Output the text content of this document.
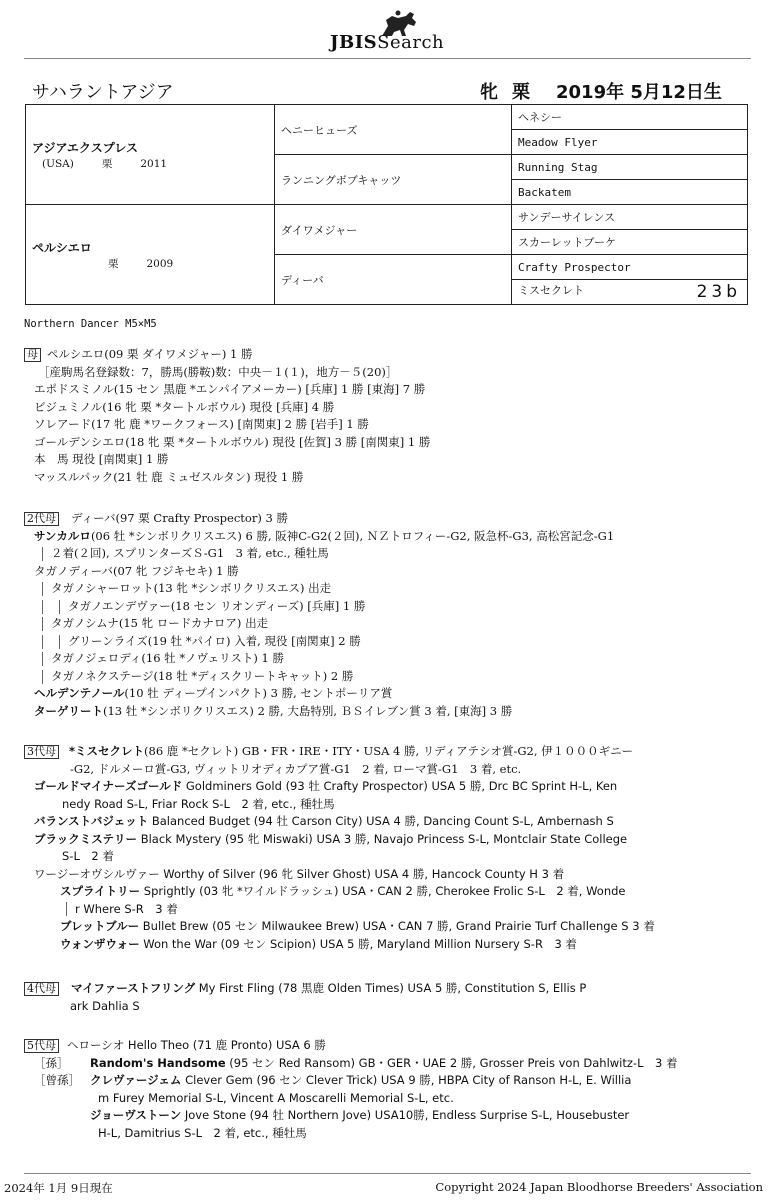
JBISSearch
サハラントアジア	牝 栗 2019年 5月12日生
アジアエクスプレス
(USA) 栗 2011	ヘニーヒューズ	ヘネシー
		Meadow Flyer
	ランニングボブキャッツ	Running Stag
		Backatem

ペルシエロ
栗 2009	ダイワメジャー	サンデーサイレンス
		スカーレットブーケ
	ディーバ	Crafty Prospector
		ミスセクレト 23b
Northern Dancer M5×M5
母 ペルシエロ(09 栗 ダイワメジャー) 1 勝
［産駒馬名登録数：7，勝馬(勝鞍)数：中央－１(１)，地方－５(20)］
エポドスミノル(15 セン 黒鹿 *エンパイアメーカー) [兵庫] 1 勝 [東海] 7 勝
ビジュミノル(16 牝 栗 *タートルボウル) 現役 [兵庫] 4 勝
ソレアード(17 牝 鹿 *ワークフォース) [南関東] 2 勝 [岩手] 1 勝
ゴールデンシエロ(18 牝 栗 *タートルボウル) 現役 [佐賀] 3 勝 [南関東] 1 勝
本　馬 現役 [南関東] 1 勝
マッスルパック(21 牡 鹿 ミュゼスルタン) 現役 1 勝
2代母 ディーバ(97 栗 Crafty Prospector) 3 勝
サンカルロ(06 牡 *シンボリクリスエス) 6 勝, 阪神C-G2(２回), ＮＺトロフィー-G2, 阪急杯-G3, 高松宮記念-G1
２着(２回), スプリンターズＳ-G1　3 着, etc., 種牡馬
タガノディーバ(07 牝 フジキセキ) 1 勝
タガノシャーロット(13 牝 *シンボリクリスエス) 出走
タガノエンデヴァー(18 セン リオンディーズ) [兵庫] 1 勝
タガノシムナ(15 牝 ロードカナロア) 出走
グリーンライズ(19 牡 *パイロ) 入着, 現役 [南関東] 2 勝
タガノジェロディ(16 牡 *ノヴェリスト) 1 勝
タガノネクステージ(18 牡 *ディスクリートキャット) 2 勝
ヘルデンテノール(10 牡 ディープインパクト) 3 勝, セントポーリア賞
ターゲリート(13 牡 *シンボリクリスエス) 2 勝, 大島特別, ＢＳイレブン賞 3 着, [東海] 3 勝
3代母 *ミスセクレト(86 鹿 *セクレト) GB・FR・IRE・ITY・USA 4 勝, リディアテシオ賞-G2, 伊１０００ギニー
-G2, ドルメーロ賞-G3, ヴィットリオディカプア賞-G1　2 着, ローマ賞-G1　3 着, etc.
ゴールドマイナーズゴールド Goldminers Gold (93 牡 Crafty Prospector) USA 5 勝, Drc BC Sprint H-L, Ken
nedy Road S-L, Friar Rock S-L　2 着, etc., 種牡馬
バランストバジェット Balanced Budget (94 牡 Carson City) USA 4 勝, Dancing Count S-L, Ambernash S
ブラックミステリー Black Mystery (95 牝 Miswaki) USA 3 勝, Navajo Princess S-L, Montclair State College
S-L　2 着
ワージーオヴシルヴァー Worthy of Silver (96 牝 Silver Ghost) USA 4 勝, Hancock County H 3 着
スプライトリー Sprightly (03 牝 *ワイルドラッシュ) USA・CAN 2 勝, Cherokee Frolic S-L　2 着, Wonde
r Where S-R　3 着
ブレットブルー Bullet Brew (05 セン Milwaukee Brew) USA・CAN 7 勝, Grand Prairie Turf Challenge S 3 着
ウォンザウォー Won the War (09 セン Scipion) USA 5 勝, Maryland Million Nursery S-R　3 着
4代母 マイファーストフリング My First Fling (78 黒鹿 Olden Times) USA 5 勝, Constitution S, Ellis P
ark Dahlia S
5代母 ヘローシオ Hello Theo (71 鹿 Pronto) USA 6 勝
［孫］ Random's Handsome (95 セン Red Ransom) GB・GER・UAE 2 勝, Grosser Preis von Dahlwitz-L　3 着
［曾孫］ クレヴァージェム Clever Gem (96 セン Clever Trick) USA 9 勝, HBPA City of Ranson H-L, E. Willia
m Furey Memorial S-L, Vincent A Moscarelli Memorial S-L, etc.
ジョーヴストーン Jove Stone (94 牡 Northern Jove) USA10勝, Endless Surprise S-L, Housebuster
H-L, Damitrius S-L　2 着, etc., 種牡馬
2024年 1月 9日現在	Copyright 2024 Japan Bloodhorse Breeders' Association
